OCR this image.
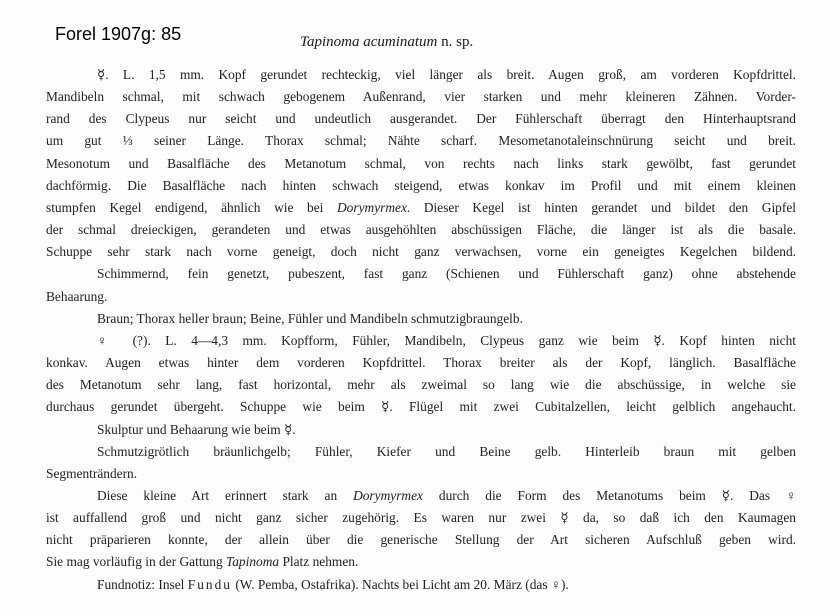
Forel 1907g: 85	Tapinoma acuminatum n. sp.
☿. L. 1,5 mm. Kopf gerundet rechteckig, viel länger als breit. Augen groß, am vorderen Kopfdrittel.
Mandibeln schmal, mit schwach gebogenem Außenrand, vier starken und mehr kleineren Zähnen. Vorder-
rand des Clypeus nur seicht und undeutlich ausgerandet. Der Fühlerschaft überragt den Hinterhauptsrand
um gut ⅓ seiner Länge. Thorax schmal; Nähte scharf. Mesometanotaleinschnürung seicht und breit.
Mesonotum und Basalfläche des Metanotum schmal, von rechts nach links stark gewölbt, fast gerundet
dachförmig. Die Basalfläche nach hinten schwach steigend, etwas konkav im Profil und mit einem kleinen
stumpfen Kegel endigend, ähnlich wie bei Dorymyrmex. Dieser Kegel ist hinten gerandet und bildet den Gipfel
der schmal dreieckigen, gerandeten und etwas ausgehöhlten abschüssigen Fläche, die länger ist als die basale.
Schuppe sehr stark nach vorne geneigt, doch nicht ganz verwachsen, vorne ein geneigtes Kegelchen bildend.
Schimmernd, fein genetzt, pubeszent, fast ganz (Schienen und Fühlerschaft ganz) ohne abstehende
Behaarung.
Braun; Thorax heller braun; Beine, Fühler und Mandibeln schmutzigbraungelb.
♀ (?). L. 4—4,3 mm. Kopfform, Fühler, Mandibeln, Clypeus ganz wie beim ☿. Kopf hinten nicht
konkav. Augen etwas hinter dem vorderen Kopfdrittel. Thorax breiter als der Kopf, länglich. Basalfläche
des Metanotum sehr lang, fast horizontal, mehr als zweimal so lang wie die abschüssige, in welche sie
durchaus gerundet übergeht. Schuppe wie beim ☿. Flügel mit zwei Cubitalzellen, leicht gelblich angehaucht.
Skulptur und Behaarung wie beim ☿.
Schmutzigrötlich bräunlichgelb; Fühler, Kiefer und Beine gelb. Hinterleib braun mit gelben
Segmenträndern.
Diese kleine Art erinnert stark an Dorymyrmex durch die Form des Metanotums beim ☿. Das ♀
ist auffallend groß und nicht ganz sicher zugehörig. Es waren nur zwei ☿ da, so daß ich den Kaumagen
nicht präparieren konnte, der allein über die generische Stellung der Art sicheren Aufschluß geben wird.
Sie mag vorläufig in der Gattung Tapinoma Platz nehmen.
Fundnotiz: Insel Fundu (W. Pemba, Ostafrika). Nachts bei Licht am 20. März (das ♀).
